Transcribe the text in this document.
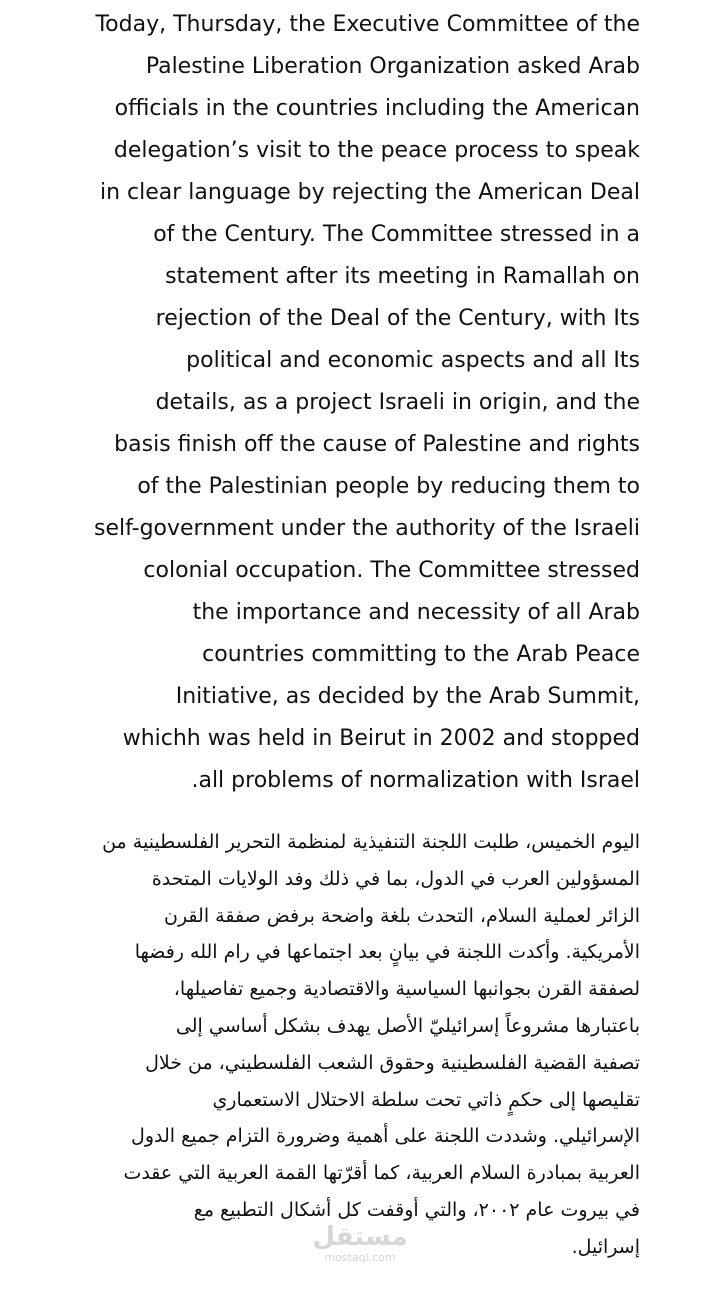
Today, Thursday, the Executive Committee of the
Palestine Liberation Organization asked Arab
officials in the countries including the American
delegation’s visit to the peace process to speak
in clear language by rejecting the American Deal
of the Century. The Committee stressed in a
statement after its meeting in Ramallah on
rejection of the Deal of the Century, with Its
political and economic aspects and all Its
details, as a project Israeli in origin, and the
basis finish off the cause of Palestine and rights
of the Palestinian people by reducing them to
self-government under the authority of the Israeli
colonial occupation. The Committee stressed
the importance and necessity of all Arab
countries committing to the Arab Peace
Initiative, as decided by the Arab Summit,
whichh was held in Beirut in 2002 and stopped
.all problems of normalization with Israel
اليوم الخميس، طلبت اللجنة التنفيذية لمنظمة التحرير الفلسطينية من
المسؤولين العرب في الدول، بما في ذلك وفد الولايات المتحدة
الزائر لعملية السلام، التحدث بلغة واضحة برفض صفقة القرن
الأمريكية. وأكدت اللجنة في بيانٍ بعد اجتماعها في رام الله رفضها
لصفقة القرن بجوانبها السياسية والاقتصادية وجميع تفاصيلها،
باعتبارها مشروعاً إسرائيليّ الأصل يهدف بشكل أساسي إلى
تصفية القضية الفلسطينية وحقوق الشعب الفلسطيني، من خلال
تقليصها إلى حكمٍ ذاتي تحت سلطة الاحتلال الاستعماري
الإسرائيلي. وشددت اللجنة على أهمية وضرورة التزام جميع الدول
العربية بمبادرة السلام العربية، كما أقرّتها القمة العربية التي عقدت
في بيروت عام ٢٠٠٢، والتي أوقفت كل أشكال التطبيع مع
إسرائيل.
مستقل
mostaql.com
